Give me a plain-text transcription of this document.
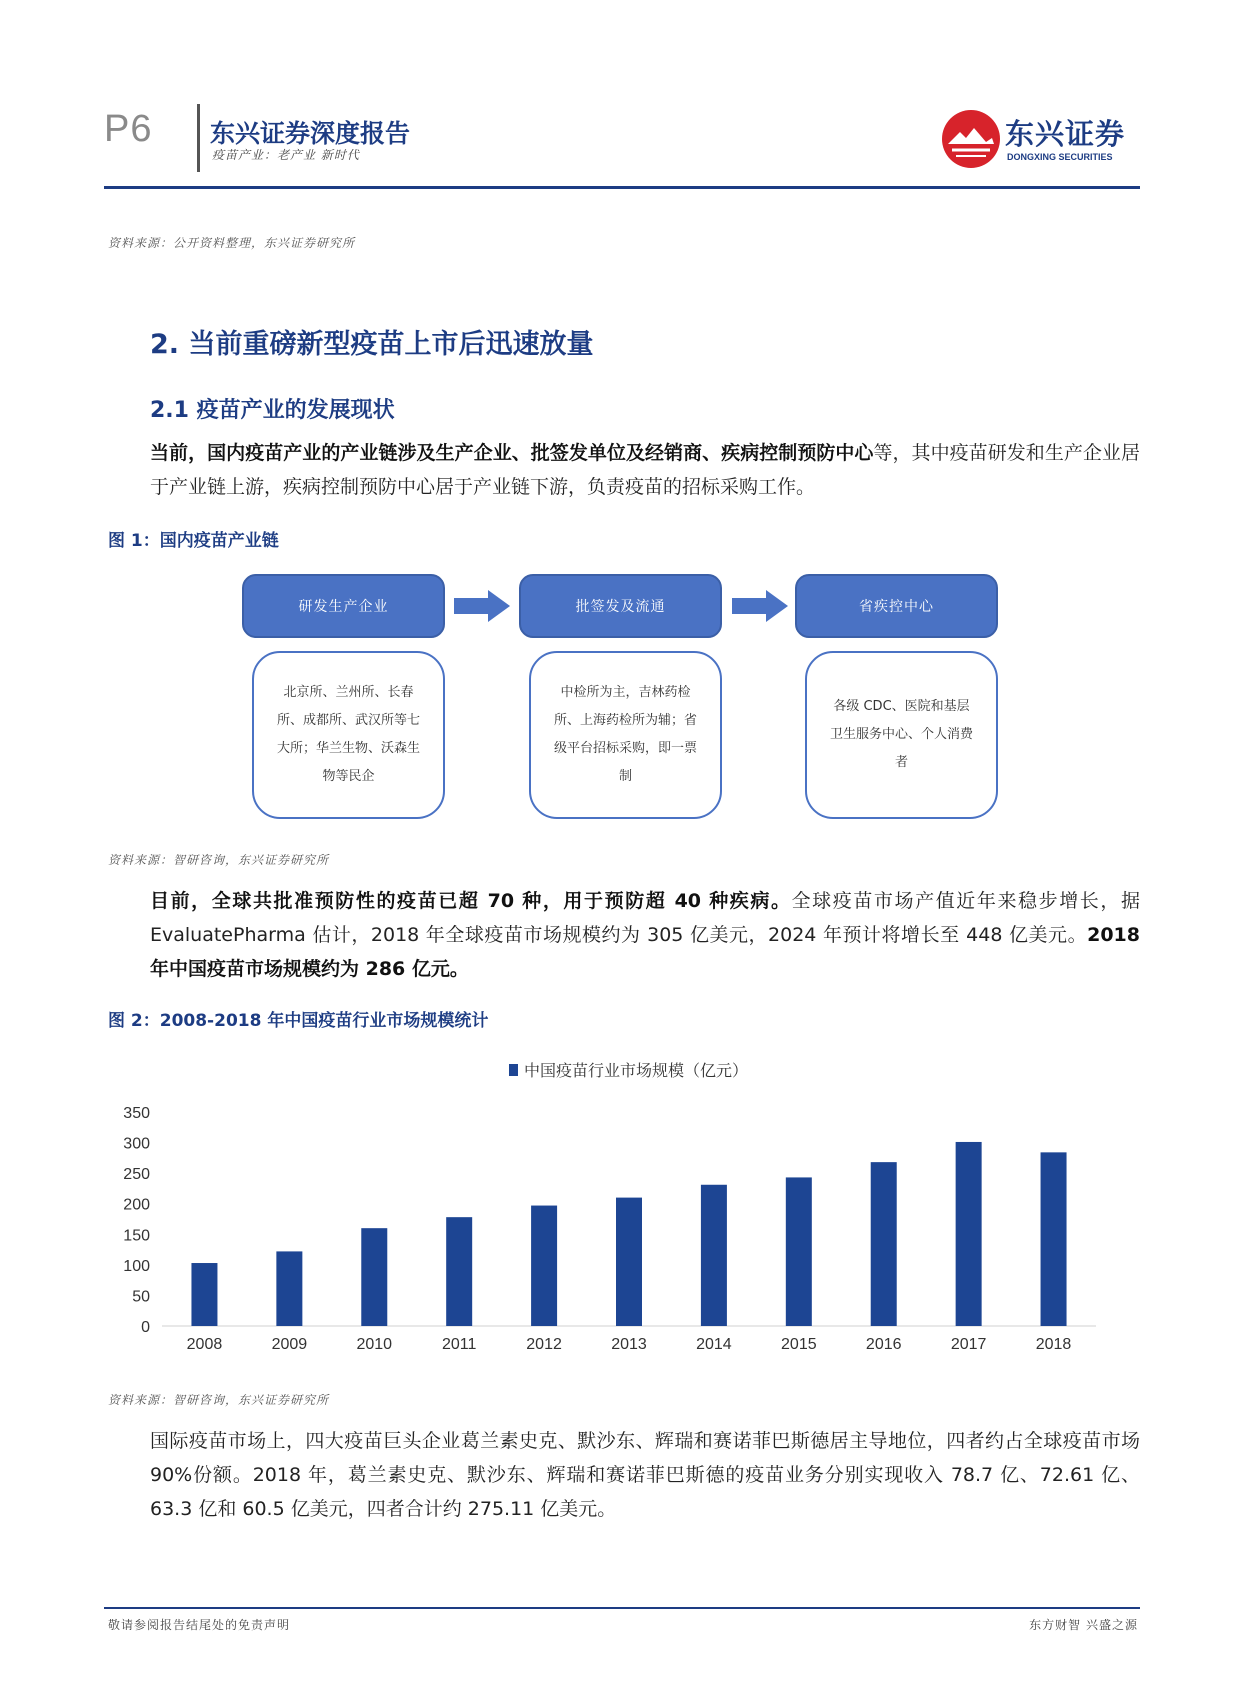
P6 东兴证券深度报告
疫苗产业：老产业 新时代
东兴证券
DONGXING SECURITIES
资料来源：公开资料整理，东兴证券研究所
2. 当前重磅新型疫苗上市后迅速放量
2.1 疫苗产业的发展现状
当前，国内疫苗产业的产业链涉及生产企业、批签发单位及经销商、疾病控制预防中心等，其中疫苗研发和生产企业居于产业链上游，疾病控制预防中心居于产业链下游，负责疫苗的招标采购工作。
图 1：国内疫苗产业链
研发生产企业	批签发及流通	省疾控中心
北京所、兰州所、长春所、成都所、武汉所等七大所；华兰生物、沃森生物等民企
中检所为主，吉林药检所、上海药检所为辅；省级平台招标采购，即一票制
各级 CDC、医院和基层卫生服务中心、个人消费者
资料来源：智研咨询，东兴证券研究所
目前，全球共批准预防性的疫苗已超 70 种，用于预防超 40 种疾病。全球疫苗市场产值近年来稳步增长，据 EvaluatePharma 估计，2018 年全球疫苗市场规模约为 305 亿美元，2024 年预计将增长至 448 亿美元。2018 年中国疫苗市场规模约为 286 亿元。
图 2：2008-2018 年中国疫苗行业市场规模统计
中国疫苗行业市场规模（亿元）
0
50
100
150
200
250
300
350
2008	2009	2010	2011	2012	2013	2014	2015	2016	2017	2018
资料来源：智研咨询，东兴证券研究所
国际疫苗市场上，四大疫苗巨头企业葛兰素史克、默沙东、辉瑞和赛诺菲巴斯德居主导地位，四者约占全球疫苗市场 90%份额。2018 年，葛兰素史克、默沙东、辉瑞和赛诺菲巴斯德的疫苗业务分别实现收入 78.7 亿、72.61 亿、63.3 亿和 60.5 亿美元，四者合计约 275.11 亿美元。
敬请参阅报告结尾处的免责声明	东方财智 兴盛之源
